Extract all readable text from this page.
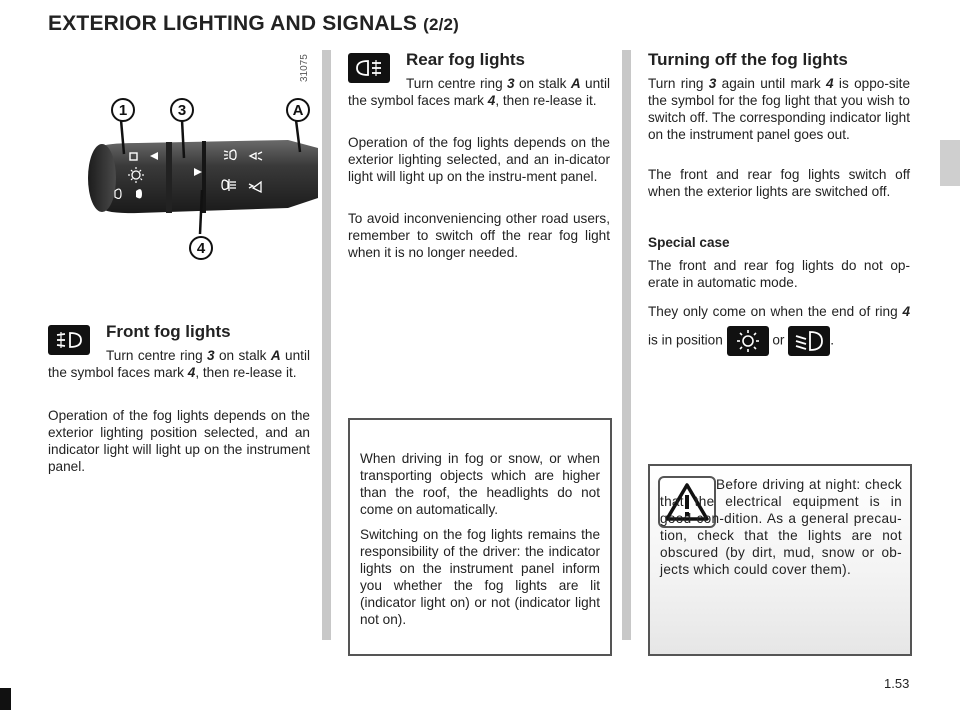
EXTERIOR LIGHTING AND SIGNALS (2/2)
1	3	A
4
31075
Front fog lights

Turn centre ring 3 on stalk A until the symbol faces mark 4, then re-lease it.

Operation of the fog lights depends on the exterior lighting position selected, and an indicator light will light up on the instrument panel.

Rear fog lights

Turn centre ring 3 on stalk A until the symbol faces mark 4, then re-lease it.

Operation of the fog lights depends on the exterior lighting selected, and an in-dicator light will light up on the instru-ment panel.

To avoid inconveniencing other road users, remember to switch off the rear fog light when it is no longer needed.

When driving in fog or snow, or when transporting objects which are higher than the roof, the headlights do not come on automatically.

Switching on the fog lights remains the responsibility of the driver: the indicator lights on the instrument panel inform you whether the fog lights are lit (indicator light on) or not (indicator light not on).

Turning off the fog lights

Turn ring 3 again until mark 4 is oppo-site the symbol for the fog light that you wish to switch off. The corresponding indicator light on the instrument panel goes out.

The front and rear fog lights switch off when the exterior lights are switched off.

Special case

The front and rear fog lights do not op-erate in automatic mode.

They only come on when the end of ring 4 is in position	or	.

Before driving at night: check that the electrical equipment is in good con-dition. As a general precau-tion, check that the lights are not obscured (by dirt, mud, snow or ob-jects which could cover them).

1.53
